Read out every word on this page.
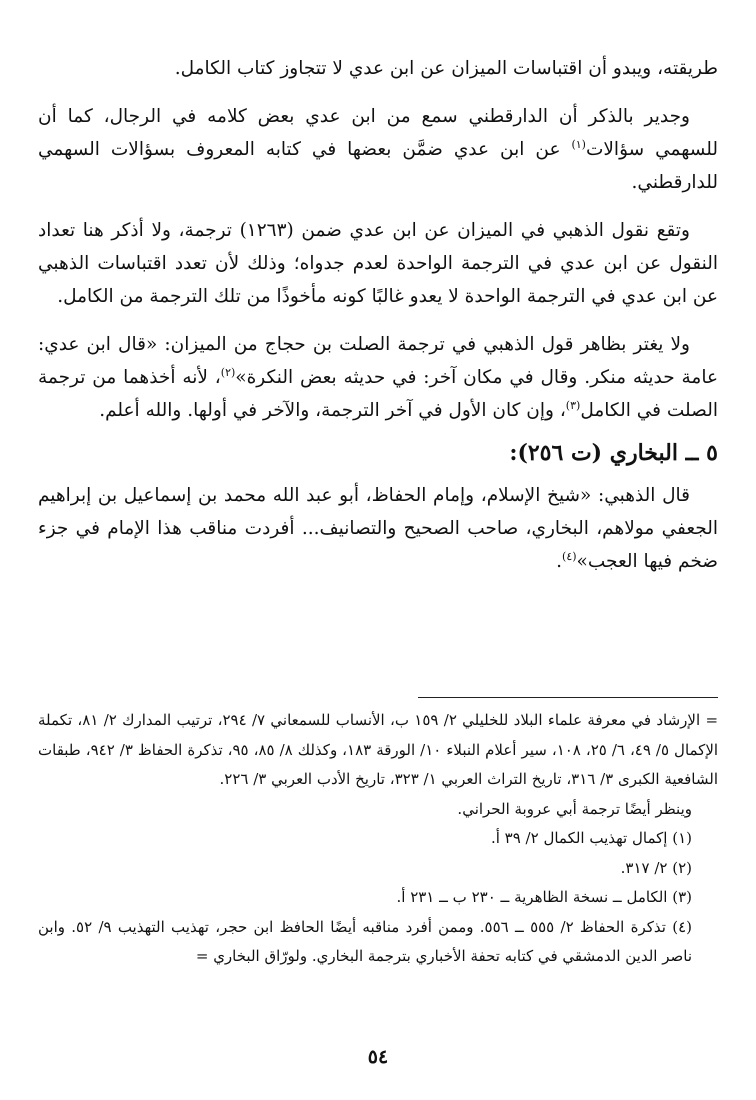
طريقته، ويبدو أن اقتباسات الميزان عن ابن عدي لا تتجاوز كتاب الكامل.

وجدير بالذكر أن الدارقطني سمع من ابن عدي بعض كلامه في الرجال، كما أن للسهمي سؤالات$^{(١)}$ عن ابن عدي ضمَّن بعضها في كتابه المعروف بسؤالات السهمي للدارقطني.

وتقع نقول الذهبي في الميزان عن ابن عدي ضمن (١٢٦٣) ترجمة، ولا أذكر هنا تعداد النقول عن ابن عدي في الترجمة الواحدة لعدم جدواه؛ وذلك لأن تعدد اقتباسات الذهبي عن ابن عدي في الترجمة الواحدة لا يعدو غالبًا كونه مأخوذًا من تلك الترجمة من الكامل.

ولا يغتر بظاهر قول الذهبي في ترجمة الصلت بن حجاج من الميزان: «قال ابن عدي: عامة حديثه منكر. وقال في مكان آخر: في حديثه بعض النكرة»$^{(٢)}$، لأنه أخذهما من ترجمة الصلت في الكامل$^{(٣)}$، وإن كان الأول في آخر الترجمة، والآخر في أولها. والله أعلم.

٥ ــ البخاري (ت ٢٥٦):

قال الذهبي: «شيخ الإسلام، وإمام الحفاظ، أبو عبد الله محمد بن إسماعيل بن إبراهيم الجعفي مولاهم، البخاري، صاحب الصحيح والتصانيف... أفردت مناقب هذا الإمام في جزء ضخم فيها العجب»$^{(٤)}$.

= الإرشاد في معرفة علماء البلاد للخليلي ٢/ ١٥٩ ب، الأنساب للسمعاني ٧/ ٢٩٤، ترتيب المدارك ٢/ ٨١، تكملة الإكمال ٥/ ٤٩، ٦/ ٢٥، ١٠٨، سير أعلام النبلاء ١٠/ الورقة ١٨٣، وكذلك ٨/ ٨٥، ٩٥، تذكرة الحفاظ ٣/ ٩٤٢، طبقات الشافعية الكبرى ٣/ ٣١٦، تاريخ التراث العربي ١/ ٣٢٣، تاريخ الأدب العربي ٣/ ٢٢٦.

وينظر أيضًا ترجمة أبي عروبة الحراني.

(١) إكمال تهذيب الكمال ٢/ ٣٩ أ.

(٢) ٢/ ٣١٧.

(٣) الكامل ــ نسخة الظاهرية ــ ٢٣٠ ب ــ ٢٣١ أ.

(٤) تذكرة الحفاظ ٢/ ٥٥٥ ــ ٥٥٦. وممن أفرد مناقبه أيضًا الحافظ ابن حجر، تهذيب التهذيب ٩/ ٥٢. وابن ناصر الدين الدمشقي في كتابه تحفة الأخباري بترجمة البخاري. ولورّاق البخاري =

٥٤
